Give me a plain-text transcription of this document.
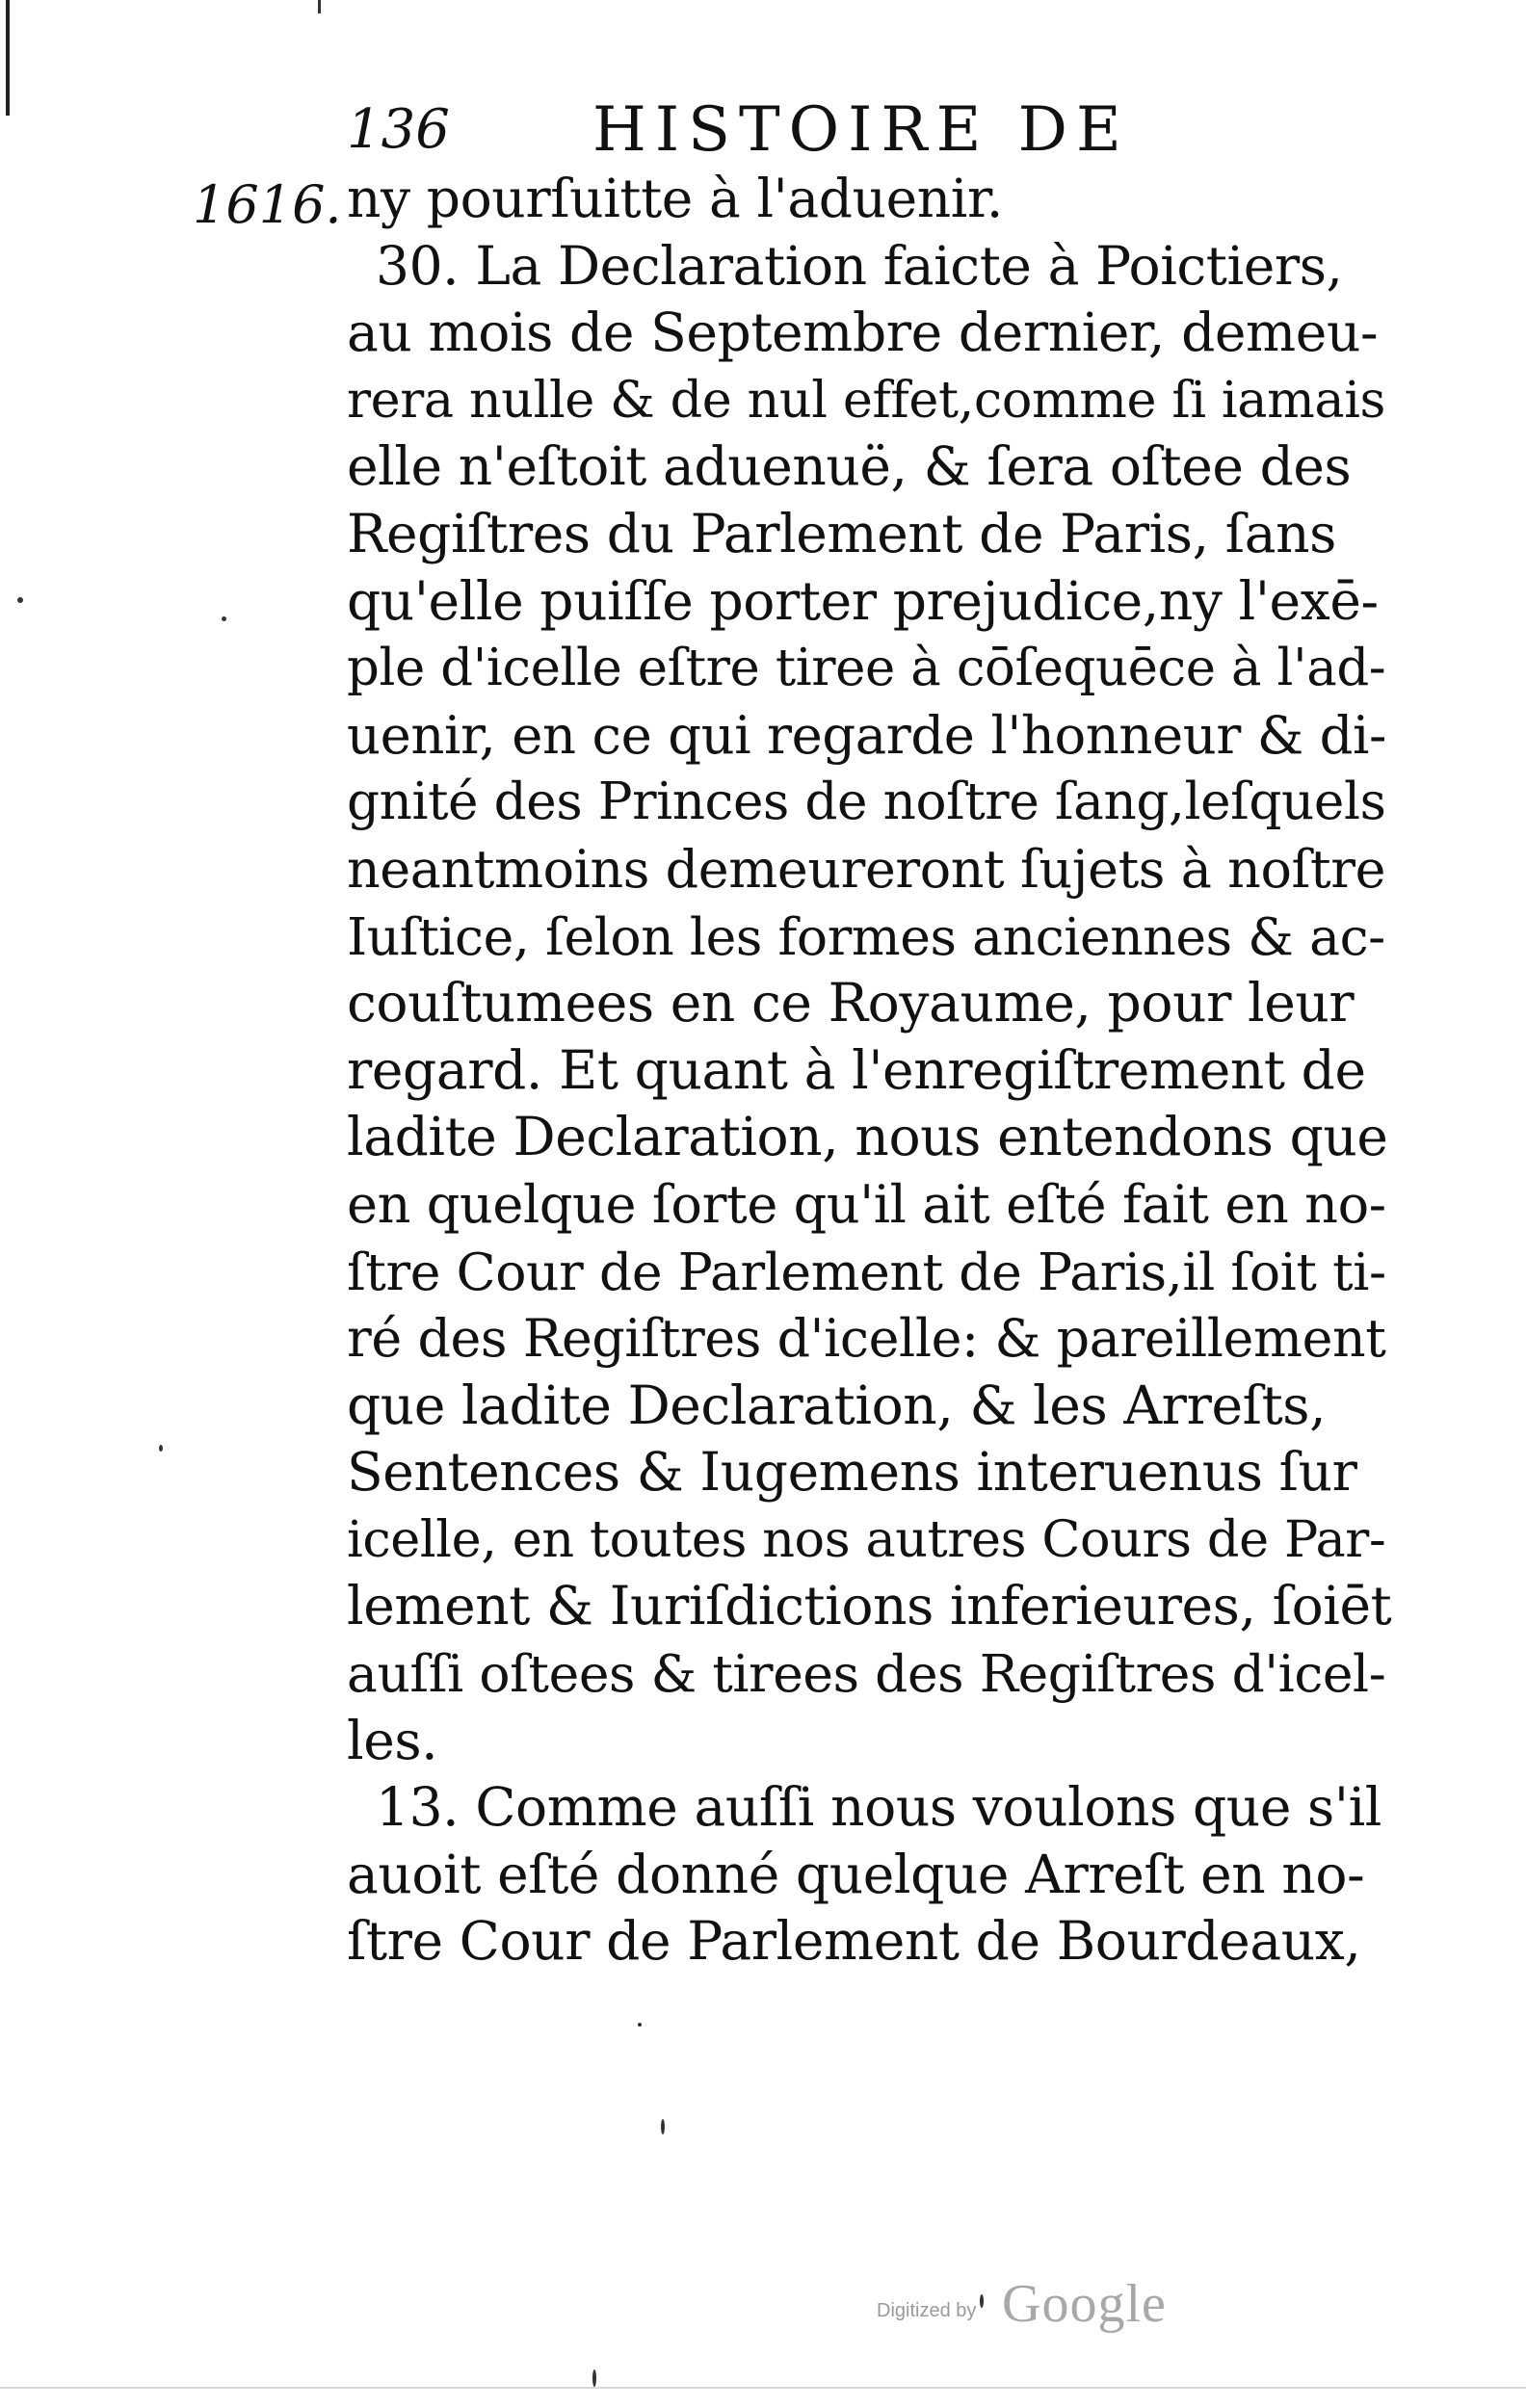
136 HISTOIRE DE
1616. ny pourſuitte à l'aduenir.
30. La Declaration faicte à Poictiers,
au mois de Septembre dernier, demeu-
rera nulle & de nul effet,comme ſi iamais
elle n'eſtoit aduenuë, & ſera oſtee des
Regiſtres du Parlement de Paris, ſans
qu'elle puiſſe porter prejudice,ny l'exē-
ple d'icelle eſtre tiree à cōſequēce à l'ad-
uenir, en ce qui regarde l'honneur & di-
gnité des Princes de noſtre ſang,leſquels
neantmoins demeureront ſujets à noſtre
Iuſtice, ſelon les formes anciennes & ac-
couſtumees en ce Royaume, pour leur
regard. Et quant à l'enregiſtrement de
ladite Declaration, nous entendons que
en quelque ſorte qu'il ait eſté fait en no-
ſtre Cour de Parlement de Paris,il ſoit ti-
ré des Regiſtres d'icelle: & pareillement
que ladite Declaration, & les Arreſts,
Sentences & Iugemens interuenus ſur
icelle, en toutes nos autres Cours de Par-
lement & Iuriſdictions inferieures, ſoiēt
auſſi oſtees & tirees des Regiſtres d'icel-
les.
13. Comme auſſi nous voulons que s'il
auoit eſté donné quelque Arreſt en no-
ſtre Cour de Parlement de Bourdeaux,
Digitized by Google
